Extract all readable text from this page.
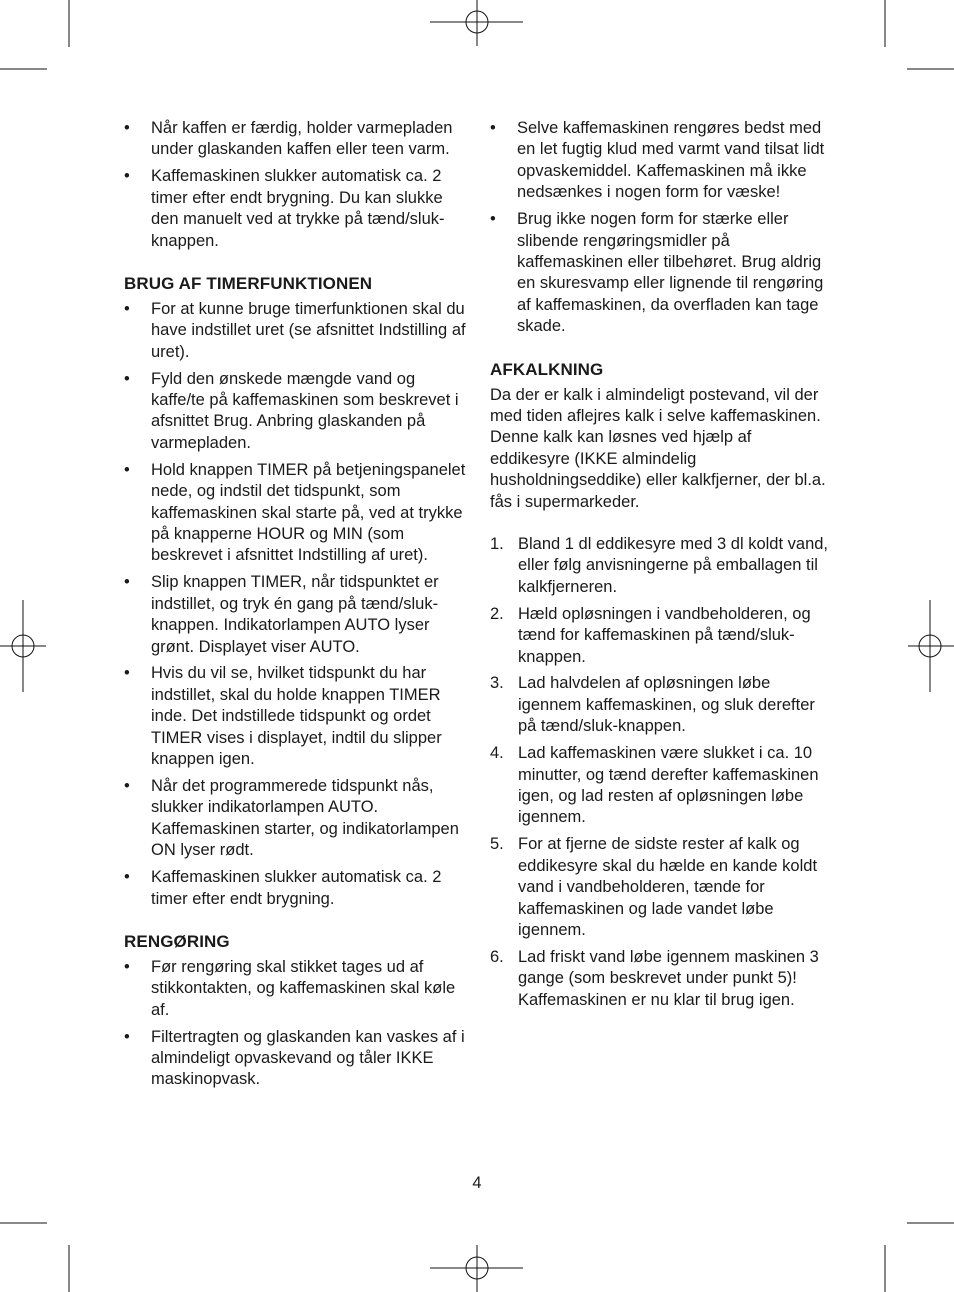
• Når kaffen er færdig, holder varmepladen under glaskanden kaffen eller teen varm.
• Kaffemaskinen slukker automatisk ca. 2 timer efter endt brygning. Du kan slukke den manuelt ved at trykke på tænd/sluk-knappen.
BRUG AF TIMERFUNKTIONEN
• For at kunne bruge timerfunktionen skal du have indstillet uret (se afsnittet Indstilling af uret).
• Fyld den ønskede mængde vand og kaffe/te på kaffemaskinen som beskrevet i afsnittet Brug. Anbring glaskanden på varmepladen.
• Hold knappen TIMER på betjeningspanelet nede, og indstil det tidspunkt, som kaffemaskinen skal starte på, ved at trykke på knapperne HOUR og MIN (som beskrevet i afsnittet Indstilling af uret).
• Slip knappen TIMER, når tidspunktet er indstillet, og tryk én gang på tænd/sluk-knappen. Indikatorlampen AUTO lyser grønt. Displayet viser AUTO.
• Hvis du vil se, hvilket tidspunkt du har indstillet, skal du holde knappen TIMER inde. Det indstillede tidspunkt og ordet TIMER vises i displayet, indtil du slipper knappen igen.
• Når det programmerede tidspunkt nås, slukker indikatorlampen AUTO. Kaffemaskinen starter, og indikatorlampen ON lyser rødt.
• Kaffemaskinen slukker automatisk ca. 2 timer efter endt brygning.
RENGØRING
• Før rengøring skal stikket tages ud af stikkontakten, og kaffemaskinen skal køle af.
• Filtertragten og glaskanden kan vaskes af i almindeligt opvaskevand og tåler IKKE maskinopvask.
• Selve kaffemaskinen rengøres bedst med en let fugtig klud med varmt vand tilsat lidt opvaskemiddel. Kaffemaskinen må ikke nedsænkes i nogen form for væske!
• Brug ikke nogen form for stærke eller slibende rengøringsmidler på kaffemaskinen eller tilbehøret. Brug aldrig en skuresvamp eller lignende til rengøring af kaffemaskinen, da overfladen kan tage skade.
AFKALKNING

Da der er kalk i almindeligt postevand, vil der med tiden aflejres kalk i selve kaffemaskinen. Denne kalk kan løsnes ved hjælp af eddikesyre (IKKE almindelig husholdningseddike) eller kalkfjerner, der bl.a. fås i supermarkeder.

1. Bland 1 dl eddikesyre med 3 dl koldt vand, eller følg anvisningerne på emballagen til kalkfjerneren.
2. Hæld opløsningen i vandbeholderen, og tænd for kaffemaskinen på tænd/sluk-knappen.
3. Lad halvdelen af opløsningen løbe igennem kaffemaskinen, og sluk derefter på tænd/sluk-knappen.
4. Lad kaffemaskinen være slukket i ca. 10 minutter, og tænd derefter kaffemaskinen igen, og lad resten af opløsningen løbe igennem.
5. For at fjerne de sidste rester af kalk og eddikesyre skal du hælde en kande koldt vand i vandbeholderen, tænde for kaffemaskinen og lade vandet løbe igennem.
6. Lad friskt vand løbe igennem maskinen 3 gange (som beskrevet under punkt 5)! Kaffemaskinen er nu klar til brug igen.
4
